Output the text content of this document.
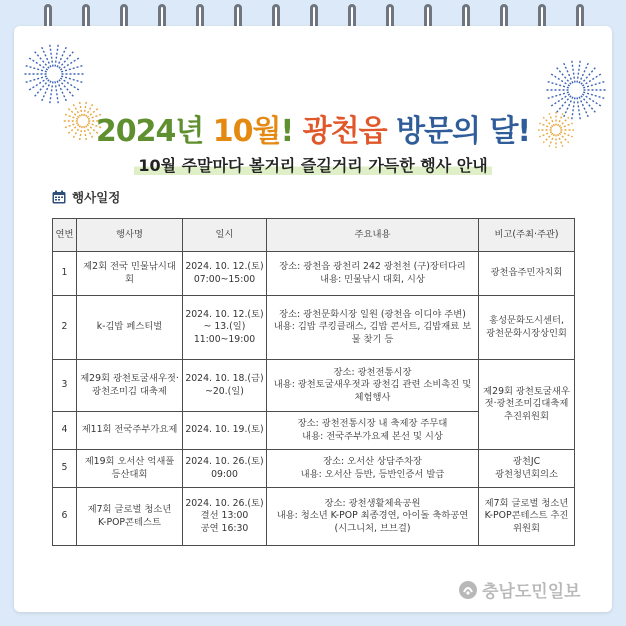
2024년 10월! 광천읍 방문의 달!
10월 주말마다 볼거리 즐길거리 가득한 행사 안내
행사일정
연번	행사명	일시	주요내용	비고(주최·주관)
1	제2회 전국 민물낚시대회	2024. 10. 12.(토)
07:00~15:00	장소: 광천읍 광천리 242 광천천 (구)장터다리
내용: 민물낚시 대회, 시상	광천읍주민자치회

2	k-김밥 페스티벌	2024. 10. 12.(토)
~ 13.(일)
11:00~19:00	장소: 광천문화시장 일원 (광천읍 이디야 주변)
내용: 김밥 쿠킹클래스, 김밥 콘서트, 김밥재료 보
물 찾기 등	홍성문화도시센터,
광천문화시장상인회

3	제29회 광천토굴새우젓·
광천조미김 대축제	2024. 10. 18.(금)
~20.(일)	장소: 광천전통시장
내용: 광천토굴새우젓과 광천김 관련 소비촉진 및
체험행사	제29회 광천토굴새우
젓·광천조미김대축제
추진위원회

4	제11회 전국주부가요제	2024. 10. 19.(토)	장소: 광천전통시장 내 축제장 주무대
내용: 전국주부가요제 본선 및 시상	

5	제19회 오서산 억새풀
등산대회	2024. 10. 26.(토)
09:00	장소: 오서산 상담주차장
내용: 오서산 등반, 등반인증서 발급	광천JC
광천청년회의소

6	제7회 글로벌 청소년
K-POP콘테스트	2024. 10. 26.(토)
결선 13:00
공연 16:30	장소: 광천생활체육공원
내용: 청소년 K-POP 최종경연, 아이돌 축하공연
(시그니처, 브브걸)	제7회 글로벌 청소년
K-POP콘테스트 추진
위원회
충남도민일보
